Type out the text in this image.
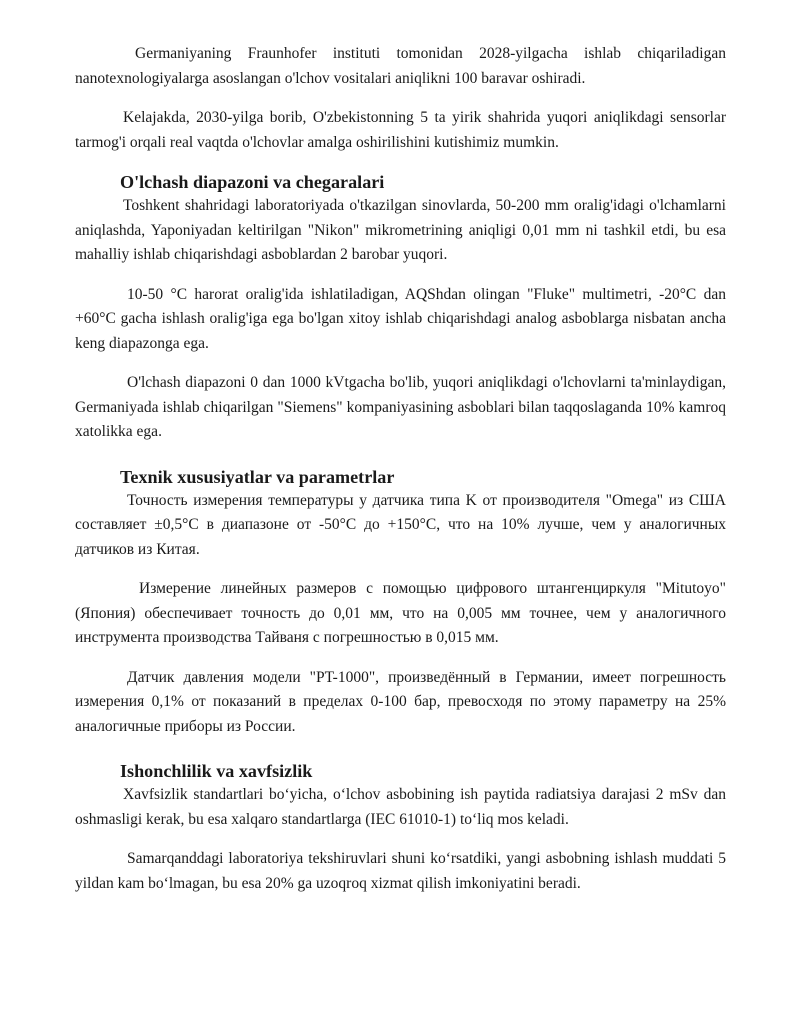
Germaniyaning Fraunhofer instituti tomonidan 2028-yilgacha ishlab chiqariladigan nanotexnologiyalarga asoslangan o'lchov vositalari aniqlikni 100 baravar oshiradi.

Kelajakda, 2030-yilga borib, O'zbekistonning 5 ta yirik shahrida yuqori aniqlikdagi sensorlar tarmog'i orqali real vaqtda o'lchovlar amalga oshirilishini kutishimiz mumkin.

O'lchash diapazoni va chegaralari

Toshkent shahridagi laboratoriyada o'tkazilgan sinovlarda, 50-200 mm oralig'idagi o'lchamlarni aniqlashda, Yaponiyadan keltirilgan "Nikon" mikrometrining aniqligi 0,01 mm ni tashkil etdi, bu esa mahalliy ishlab chiqarishdagi asboblardan 2 barobar yuqori.

10-50 °C harorat oralig'ida ishlatiladigan, AQShdan olingan "Fluke" multimetri, -20°C dan +60°C gacha ishlash oralig'iga ega bo'lgan xitoy ishlab chiqarishdagi analog asboblarga nisbatan ancha keng diapazonga ega.

O'lchash diapazoni 0 dan 1000 kVtgacha bo'lib, yuqori aniqlikdagi o'lchovlarni ta'minlaydigan, Germaniyada ishlab chiqarilgan "Siemens" kompaniyasining asboblari bilan taqqoslaganda 10% kamroq xatolikka ega.

Texnik xususiyatlar va parametrlar

Точность измерения температуры у датчика типа K от производителя "Omega" из США составляет ±0,5°C в диапазоне от -50°C до +150°C, что на 10% лучше, чем у аналогичных датчиков из Китая.

Измерение линейных размеров с помощью цифрового штангенциркуля "Mitutoyo" (Япония) обеспечивает точность до 0,01 мм, что на 0,005 мм точнее, чем у аналогичного инструмента производства Тайваня с погрешностью в 0,015 мм.

Датчик давления модели "PT-1000", произведённый в Германии, имеет погрешность измерения 0,1% от показаний в пределах 0-100 бар, превосходя по этому параметру на 25% аналогичные приборы из России.

Ishonchlilik va xavfsizlik

Xavfsizlik standartlari bo‘yicha, o‘lchov asbobining ish paytida radiatsiya darajasi 2 mSv dan oshmasligi kerak, bu esa xalqaro standartlarga (IEC 61010-1) to‘liq mos keladi.

Samarqanddagi laboratoriya tekshiruvlari shuni ko‘rsatdiki, yangi asbobning ishlash muddati 5 yildan kam bo‘lmagan, bu esa 20% ga uzoqroq xizmat qilish imkoniyatini beradi.
